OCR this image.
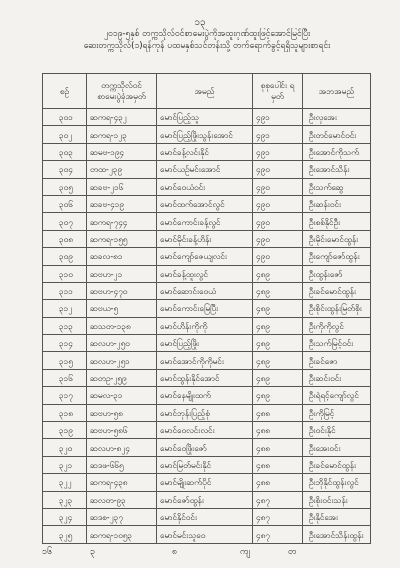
၁၃
၂၀၁၉-၅နှစ် တက္ကသိုလ်ဝင်စာမေးပွဲကိုအထူးဂုဏ်ထူးဖြင့်အောင်မြင်ပြီး
ဆေးတက္ကသိုလ်(၁)ရန်ကုန် ပထမနှစ်သင်တန်းသို့ တက်ရောက်ခွင့်ရရှိသူများစာရင်း
စဉ်	တက္ကသိုလ်ဝင် စာမေးပွဲခုံအမှတ်	အမည်	စုစုပေါင်း ရမှတ်	အဘအမည်
၃၀၁	ဆကရ-၄၃၂	မောင်ပြည့်သူ	၄၉၁	ဦးလှအေး
၃၀၂	ဆကရ-၁၂၃	မောင်ပြည့်ဖြိုးသွန်းအောင်	၄၉၁	ဦးတင်မောင်ဝင်း
၃၀၃	ဆမဗ-၁၉၄	မောင်ခန့်လင်းနိုင်	၄၉၁	ဦးအောင်ကိုသက်
၃၀၄	တထ-၂၃၉	မောင်ယဉ်မင်းအောင်	၄၉၀	ဦးအောင်သိန်း
၃၀၅	ဆခဗ-၂၁၆	မောင်ဝေယံဝင်း	၄၉၀	ဦးသက်ဆွေ
၃၀၆	ဆခဗ-၄၁၉	မောင်ထက်အောင်လွင်	၄၉၀	ဦးဆန်းဝင်း
၃၀၇	ဆကရ-၇၄၄	မောင်ကောင်းခန့်လွင်	၄၉၀	ဦးစစ်နိုင်ဦး
၃၀၈	ဆကရ-၁၅၅	မောင်မိုင်းခန့်ဟိန်း	၄၉၀	ဦးမိုင်းမောင်ထွန်း
၃၀၉	ဆခလ-၈၁	မောင်ကျော်ဇေယျလင်း	၄၉၀	ဦးကျော်ဇော်ထွန်း
၃၁၀	ဆဗဟ-၂၁	မောင်ခန့်ထူးလွင်	၄၈၉	ဦးထွန်းဇော်
၃၁၁	ဆဗဟ-၄၇၀	မောင်ဆောင်းဝေယံ	၄၈၉	ဦးခင်မောင်ထွန်း
၃၁၂	ဆဗယ-၅	မောင်ကောင်းမြေပြီး	၄၈၉	ဦးစိုင်းထွန်းမြတ်စိုး
၃၁၃	ဆသတ-၁၃၈	မောင်ဟိန်းကိုကို	၄၈၉	ဦးကိုကိုလွင်
၃၁၄	ဆလဟ-၂၅၀	မောင်ပြည့်ဖြိုး	၄၈၉	ဦးသက်မြင့်ဝင်း
၃၁၅	ဆလဟ-၂၅၁	မောင်အောင်ကိုကိုမင်း	၄၈၉	ဦးခင်ဇော
၃၁၆	ဆတဥ-၂၅၉	မောင်ထွန်းနိုင်အောင်	၄၈၉	ဦးဆင်းဝင်း
၃၁၇	ဆမလ-၃၁	မောင်နေမျိုးထက်	၄၈၉	ဦးရဲရင့်ကျော်လွင်
၃၁၈	ဆဗဟ-၅၈	မောင်ဘုန်းပြည့်စုံ	၄၈၈	ဦးကိုမြင့်
၃၁၉	ဆဗဟ-၅၈၆	မောင်ဝေလင်းလင်း	၄၈၈	ဦးဝင်းနိုင်
၃၂၀	ဆလဟ-၈၂၄	မောင်ဝေဖြိုးဇော်	၄၈၈	ဦးအေးဝင်း
၃၂၁	ဆဒဖ-၆၆၅	မောင်မြတ်မင်းနိုင်	၄၈၈	ဦးခင်မောင်ထွန်း
၃၂၂	ဆကရ-၄၃၈	မောင်မျိုးဆက်ပိုင်	၄၈၈	ဦးဘိုနိုင်ထွန်းလွင်
၃၂၃	ဆလတ-၉၃	မောင်ဇော်ထွန်း	၄၈၇	ဦးစိုးဝင်းသန်း
၃၂၄	ဆဒစ-၂၃၇	မောင်နိုင်ဝင်း	၄၈၇	ဦးနိုင်အေး
၃၂၅	ဆကရ-၁၀၅၃	မောင်မင်းသူဝေ	၄၈၇	ဦးအောင်သိန်းထွန်း
၁၆	၃	၈	ကျ	တ
